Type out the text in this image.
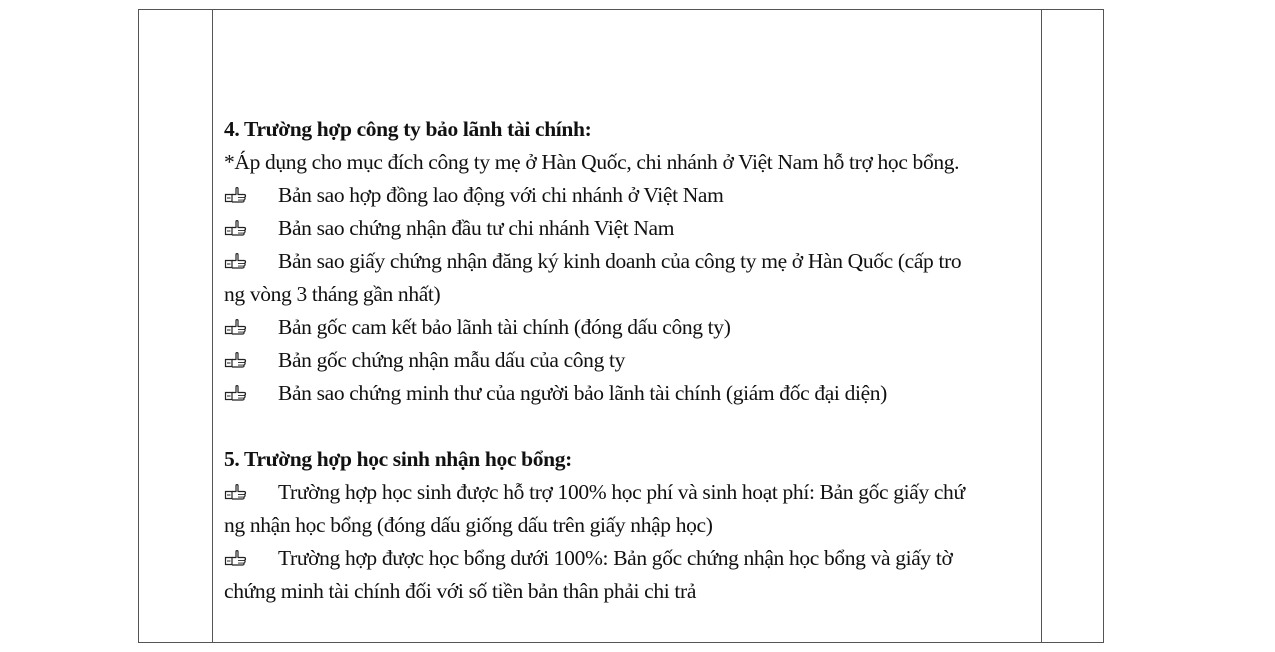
4. Trường hợp công ty bảo lãnh tài chính:
*Áp dụng cho mục đích công ty mẹ ở Hàn Quốc, chi nhánh ở Việt Nam hỗ trợ học bổng.
Bản sao hợp đồng lao động với chi nhánh ở Việt Nam
Bản sao chứng nhận đầu tư chi nhánh Việt Nam
Bản sao giấy chứng nhận đăng ký kinh doanh của công ty mẹ ở Hàn Quốc (cấp tro
ng vòng 3 tháng gần nhất)
Bản gốc cam kết bảo lãnh tài chính (đóng dấu công ty)
Bản gốc chứng nhận mẫu dấu của công ty
Bản sao chứng minh thư của người bảo lãnh tài chính (giám đốc đại diện)
5. Trường hợp học sinh nhận học bổng:
Trường hợp học sinh được hỗ trợ 100% học phí và sinh hoạt phí: Bản gốc giấy chứ
ng nhận học bổng (đóng dấu giống dấu trên giấy nhập học)
Trường hợp được học bổng dưới 100%: Bản gốc chứng nhận học bổng và giấy tờ
chứng minh tài chính đối với số tiền bản thân phải chi trả
